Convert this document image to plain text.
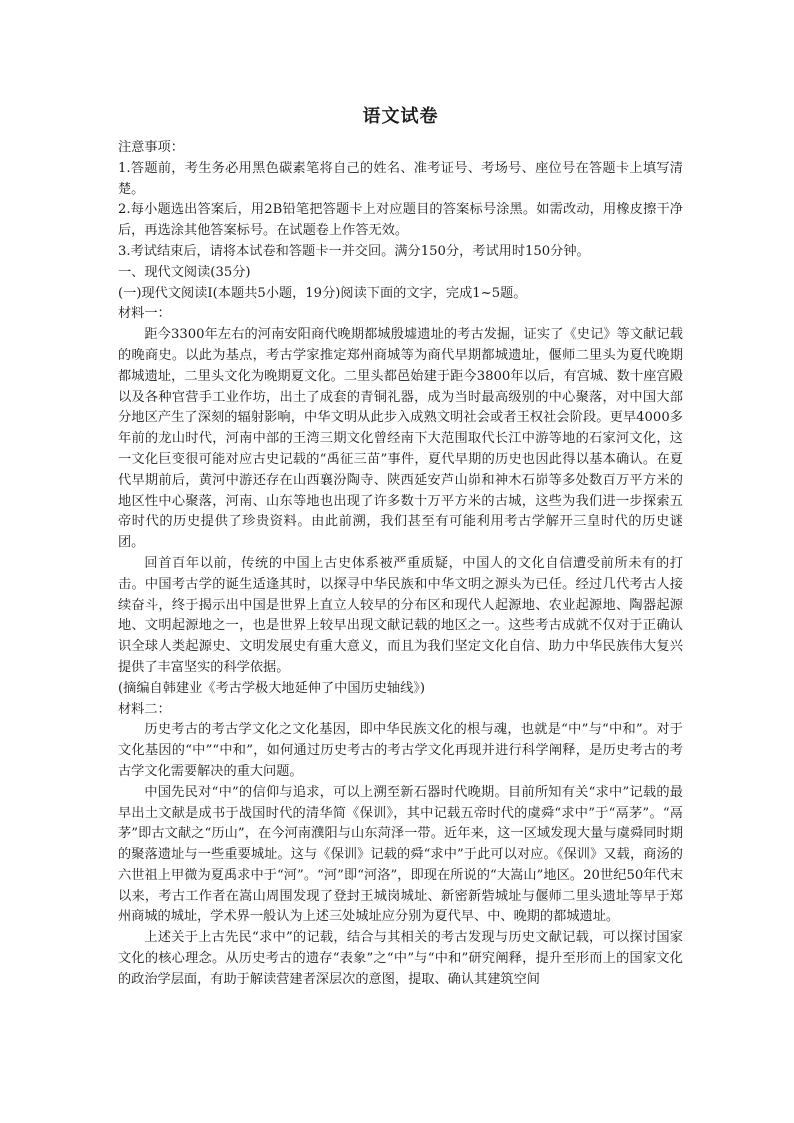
语文试卷

注意事项：

1.答题前，考生务必用黑色碳素笔将自己的姓名、准考证号、考场号、座位号在答题卡上填写清楚。

2.每小题选出答案后，用2B铅笔把答题卡上对应题目的答案标号涂黑。如需改动，用橡皮擦干净后，再选涂其他答案标号。在试题卷上作答无效。

3.考试结束后，请将本试卷和答题卡一并交回。满分150分，考试用时150分钟。

一、现代文阅读(35分)

(一)现代文阅读Ⅰ(本题共5小题，19分)阅读下面的文字，完成1~5题。

材料一：

距今3300年左右的河南安阳商代晚期都城殷墟遗址的考古发掘，证实了《史记》等文献记载的晚商史。以此为基点，考古学家推定郑州商城等为商代早期都城遗址，偃师二里头为夏代晚期都城遗址，二里头文化为晚期夏文化。二里头都邑始建于距今3800年以后，有宫城、数十座宫殿以及各种官营手工业作坊，出土了成套的青铜礼器，成为当时最高级别的中心聚落，对中国大部分地区产生了深刻的辐射影响，中华文明从此步入成熟文明社会或者王权社会阶段。更早4000多年前的龙山时代，河南中部的王湾三期文化曾经南下大范围取代长江中游等地的石家河文化，这一文化巨变很可能对应古史记载的“禹征三苗”事件，夏代早期的历史也因此得以基本确认。在夏代早期前后，黄河中游还存在山西襄汾陶寺、陕西延安芦山峁和神木石峁等多处数百万平方米的地区性中心聚落，河南、山东等地也出现了许多数十万平方米的古城，这些为我们进一步探索五帝时代的历史提供了珍贵资料。由此前溯，我们甚至有可能利用考古学解开三皇时代的历史谜团。

回首百年以前，传统的中国上古史体系被严重质疑，中国人的文化自信遭受前所未有的打击。中国考古学的诞生适逢其时，以探寻中华民族和中华文明之源头为已任。经过几代考古人接续奋斗，终于揭示出中国是世界上直立人较早的分布区和现代人起源地、农业起源地、陶器起源地、文明起源地之一，也是世界上较早出现文献记载的地区之一。这些考古成就不仅对于正确认识全球人类起源史、文明发展史有重大意义，而且为我们坚定文化自信、助力中华民族伟大复兴提供了丰富坚实的科学依据。

(摘编自韩建业《考古学极大地延伸了中国历史轴线》)

材料二：

历史考古的考古学文化之文化基因，即中华民族文化的根与魂，也就是“中”与“中和”。对于文化基因的“中”“中和”，如何通过历史考古的考古学文化再现并进行科学阐释，是历史考古的考古学文化需要解决的重大问题。

中国先民对“中”的信仰与追求，可以上溯至新石器时代晚期。目前所知有关“求中”记载的最早出土文献是成书于战国时代的清华简《保训》，其中记载五帝时代的虞舜“求中”于“鬲茅”。“鬲茅”即古文献之“历山”，在今河南濮阳与山东菏泽一带。近年来，这一区域发现大量与虞舜同时期的聚落遗址与一些重要城址。这与《保训》记载的舜“求中”于此可以对应。《保训》又载，商汤的六世祖上甲微为夏禹求中于“河”。“河”即“河洛”，即现在所说的“大嵩山”地区。20世纪50年代末以来，考古工作者在嵩山周围发现了登封王城岗城址、新密新砦城址与偃师二里头遗址等早于郑州商城的城址，学术界一般认为上述三处城址应分别为夏代早、中、晚期的都城遗址。

上述关于上古先民“求中”的记载，结合与其相关的考古发现与历史文献记载，可以探讨国家文化的核心理念。从历史考古的遗存“表象”之“中”与“中和”研究阐释，提升至形而上的国家文化的政治学层面，有助于解读营建者深层次的意图，提取、确认其建筑空间
